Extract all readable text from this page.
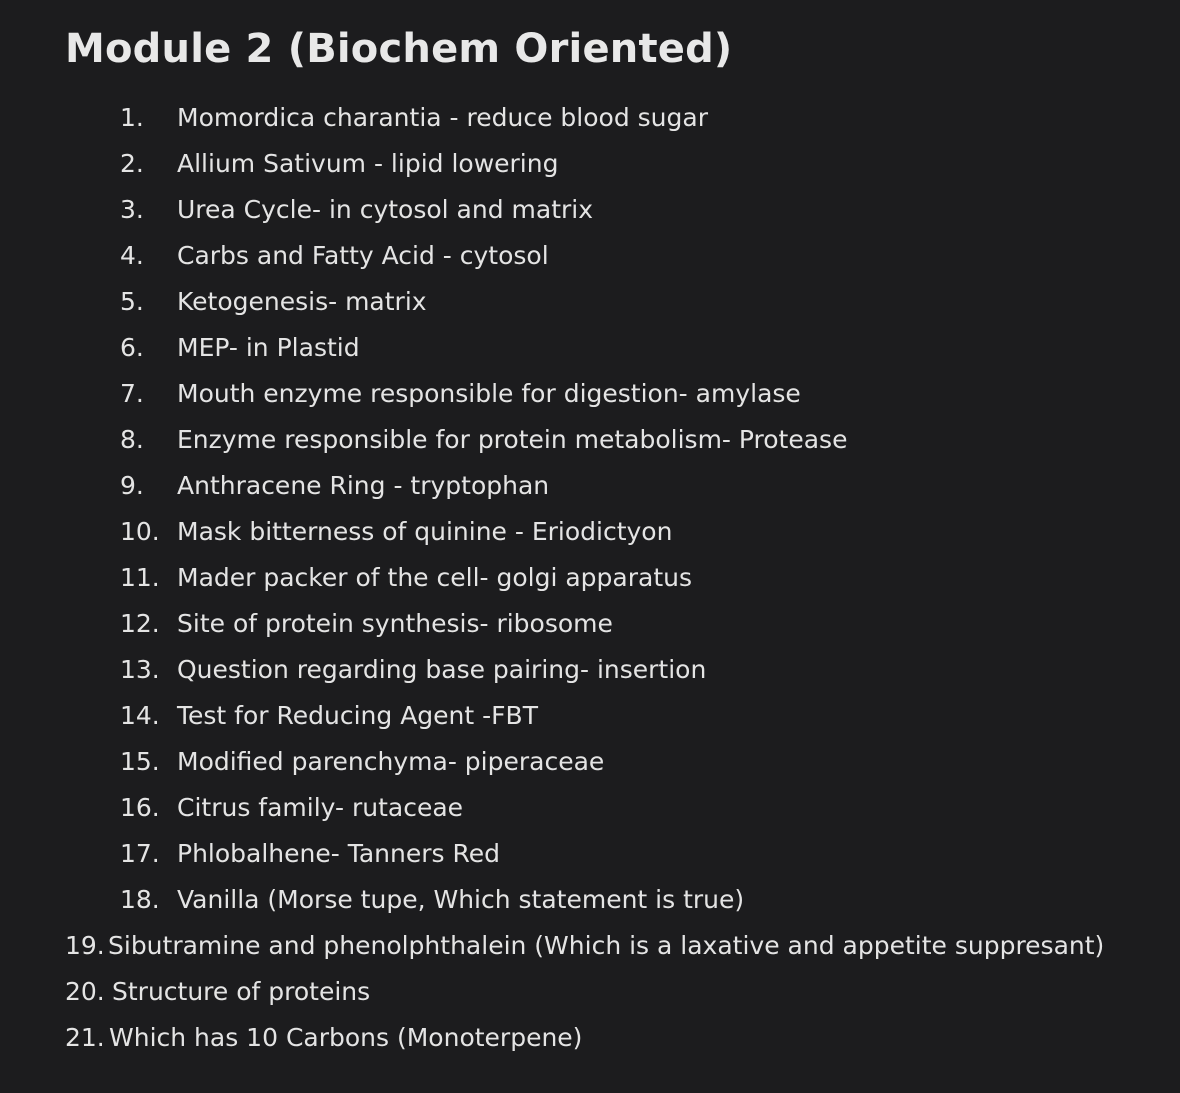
Module 2 (Biochem Oriented)
1. Momordica charantia - reduce blood sugar
2. Allium Sativum - lipid lowering
3. Urea Cycle- in cytosol and matrix
4. Carbs and Fatty Acid - cytosol
5. Ketogenesis- matrix
6. MEP- in Plastid
7. Mouth enzyme responsible for digestion- amylase
8. Enzyme responsible for protein metabolism- Protease
9. Anthracene Ring - tryptophan
10. Mask bitterness of quinine - Eriodictyon
11. Mader packer of the cell- golgi apparatus
12. Site of protein synthesis- ribosome
13. Question regarding base pairing- insertion
14. Test for Reducing Agent -FBT
15. Modified parenchyma- piperaceae
16. Citrus family- rutaceae
17. Phlobalhene- Tanners Red
18. Vanilla (Morse tupe, Which statement is true)
19. Sibutramine and phenolphthalein (Which is a laxative and appetite suppresant)
20. Structure of proteins
21. Which has 10 Carbons (Monoterpene)
